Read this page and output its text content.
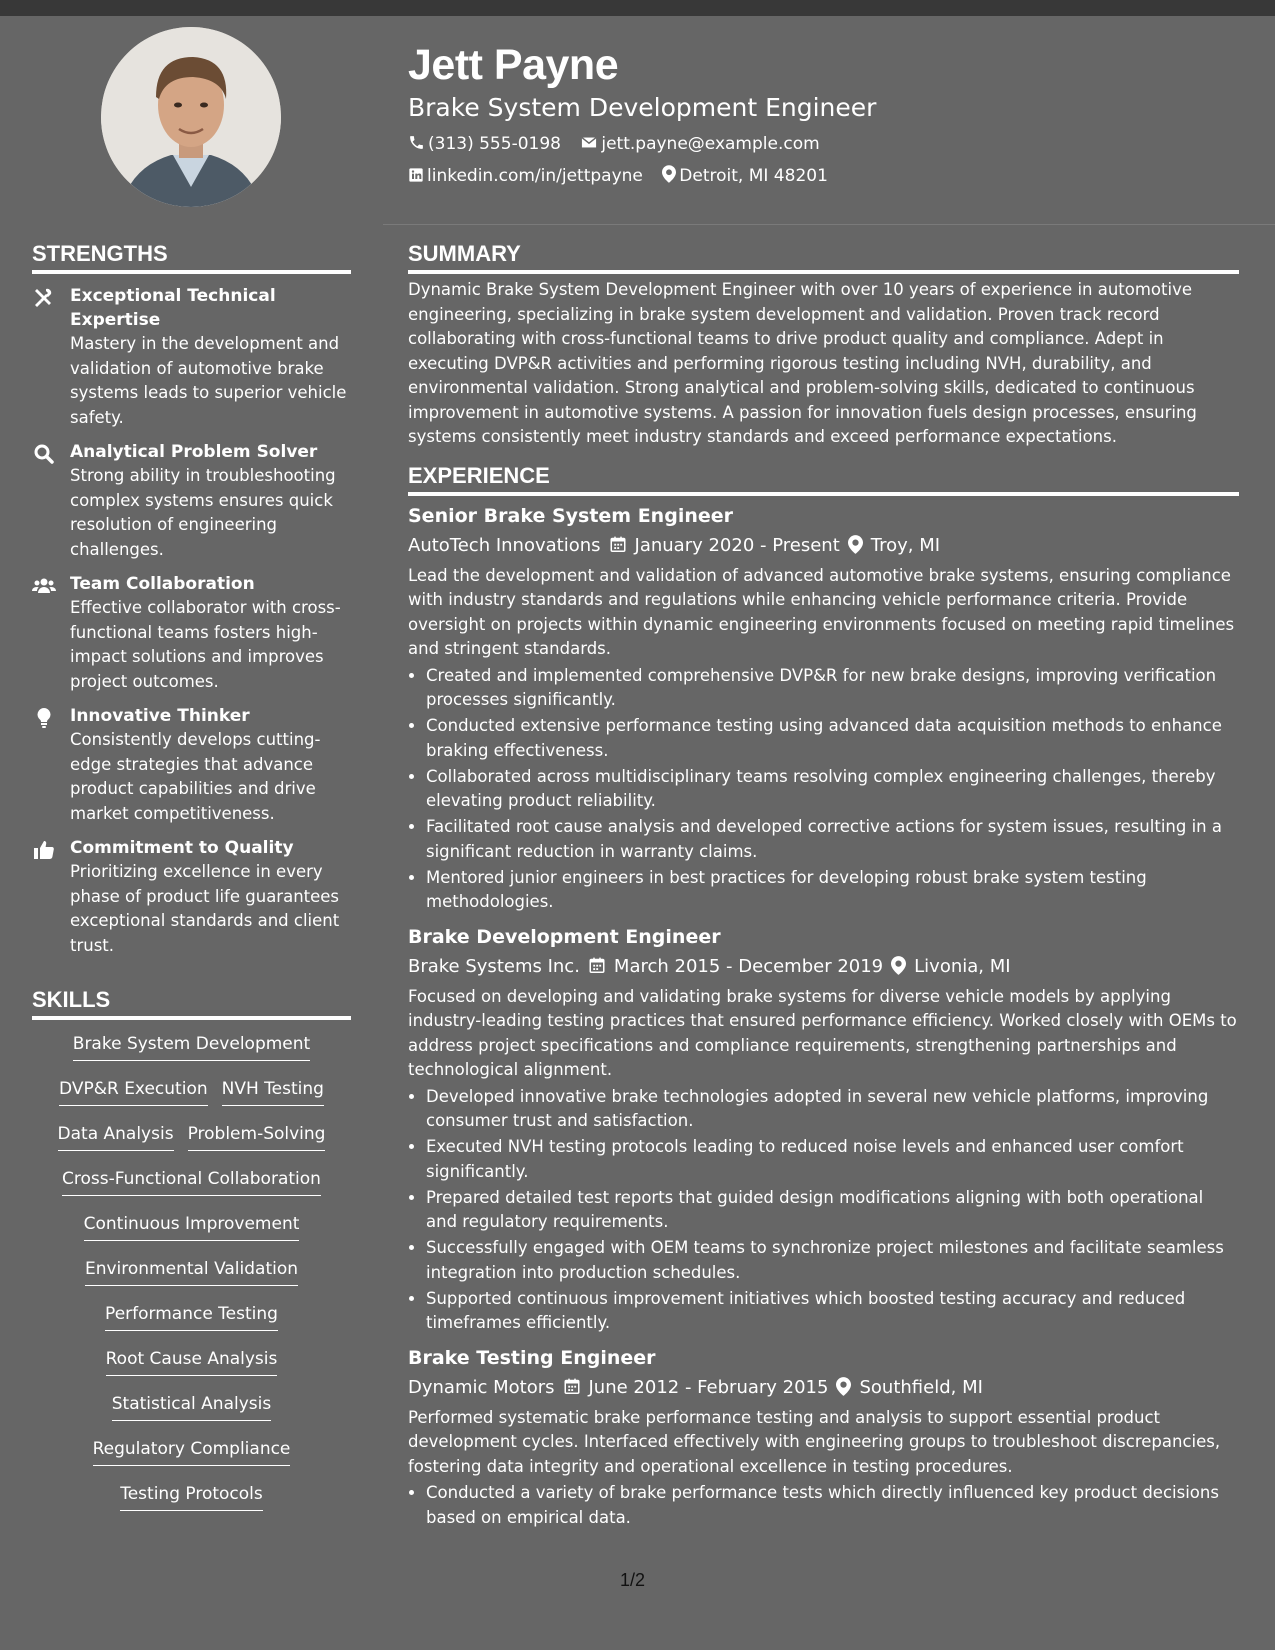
Jett Payne
Brake System Development Engineer
(313) 555-0198 jett.payne@example.com
linkedin.com/in/jettpayne Detroit, MI 48201
STRENGTHS
Exceptional Technical Expertise
Mastery in the development and validation of automotive brake systems leads to superior vehicle safety.
Analytical Problem Solver
Strong ability in troubleshooting complex systems ensures quick resolution of engineering challenges.
Team Collaboration
Effective collaborator with cross-functional teams fosters high-impact solutions and improves project outcomes.
Innovative Thinker
Consistently develops cutting-edge strategies that advance product capabilities and drive market competitiveness.
Commitment to Quality
Prioritizing excellence in every phase of product life guarantees exceptional standards and client trust.
SKILLS
Brake System Development
DVP&R Execution NVH Testing
Data Analysis Problem-Solving
Cross-Functional Collaboration
Continuous Improvement
Environmental Validation
Performance Testing
Root Cause Analysis
Statistical Analysis
Regulatory Compliance
Testing Protocols
SUMMARY

Dynamic Brake System Development Engineer with over 10 years of experience in automotive engineering, specializing in brake system development and validation. Proven track record collaborating with cross-functional teams to drive product quality and compliance. Adept in executing DVP&R activities and performing rigorous testing including NVH, durability, and environmental validation. Strong analytical and problem-solving skills, dedicated to continuous improvement in automotive systems. A passion for innovation fuels design processes, ensuring systems consistently meet industry standards and exceed performance expectations.

EXPERIENCE
Senior Brake System Engineer
AutoTech Innovations January 2020 - Present Troy, MI

Lead the development and validation of advanced automotive brake systems, ensuring compliance with industry standards and regulations while enhancing vehicle performance criteria. Provide oversight on projects within dynamic engineering environments focused on meeting rapid timelines and stringent standards.

• Created and implemented comprehensive DVP&R for new brake designs, improving verification processes significantly.
• Conducted extensive performance testing using advanced data acquisition methods to enhance braking effectiveness.
• Collaborated across multidisciplinary teams resolving complex engineering challenges, thereby elevating product reliability.
• Facilitated root cause analysis and developed corrective actions for system issues, resulting in a significant reduction in warranty claims.
• Mentored junior engineers in best practices for developing robust brake system testing methodologies.
Brake Development Engineer
Brake Systems Inc. March 2015 - December 2019 Livonia, MI

Focused on developing and validating brake systems for diverse vehicle models by applying industry-leading testing practices that ensured performance efficiency. Worked closely with OEMs to address project specifications and compliance requirements, strengthening partnerships and technological alignment.

• Developed innovative brake technologies adopted in several new vehicle platforms, improving consumer trust and satisfaction.
• Executed NVH testing protocols leading to reduced noise levels and enhanced user comfort significantly.
• Prepared detailed test reports that guided design modifications aligning with both operational and regulatory requirements.
• Successfully engaged with OEM teams to synchronize project milestones and facilitate seamless integration into production schedules.
• Supported continuous improvement initiatives which boosted testing accuracy and reduced timeframes efficiently.
Brake Testing Engineer
Dynamic Motors June 2012 - February 2015 Southfield, MI

Performed systematic brake performance testing and analysis to support essential product development cycles. Interfaced effectively with engineering groups to troubleshoot discrepancies, fostering data integrity and operational excellence in testing procedures.

• Conducted a variety of brake performance tests which directly influenced key product decisions based on empirical data.
1/2
